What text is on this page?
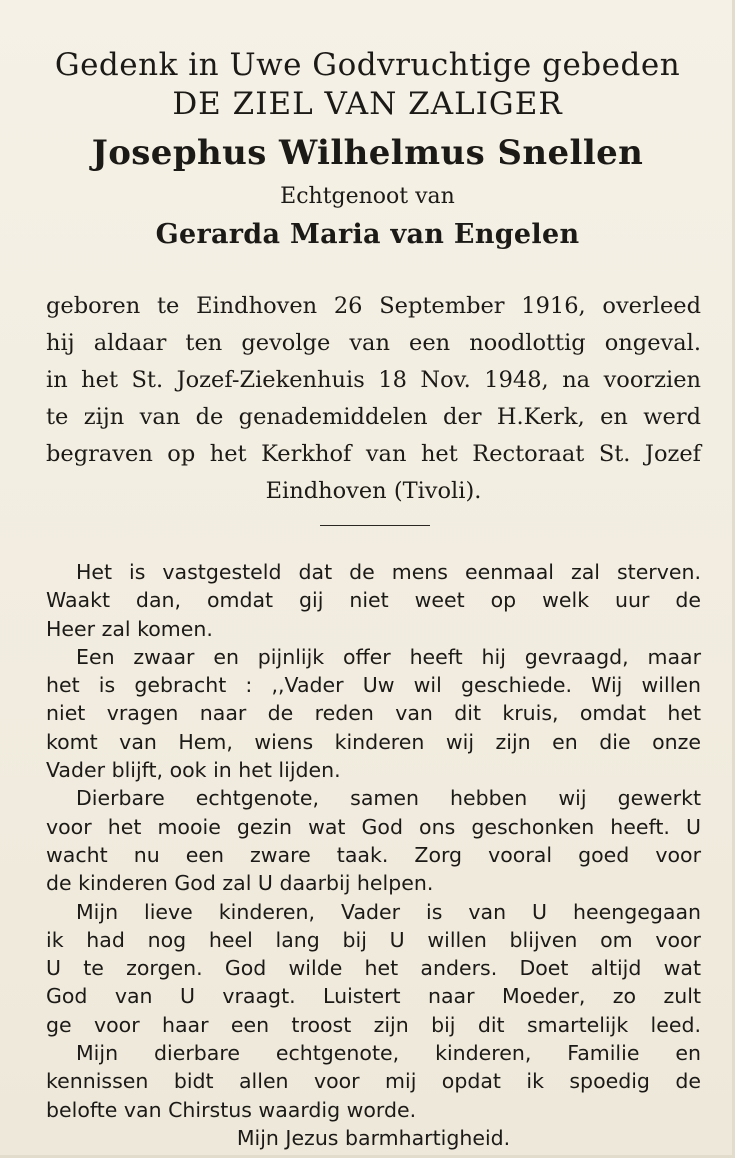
Gedenk in Uwe Godvruchtige gebeden
DE ZIEL VAN ZALIGER
Josephus Wilhelmus Snellen
Echtgenoot van
Gerarda Maria van Engelen
geboren te Eindhoven 26 September 1916, overleed
hij aldaar ten gevolge van een noodlottig ongeval.
in het St. Jozef-Ziekenhuis 18 Nov. 1948, na voorzien
te zijn van de genademiddelen der H.Kerk, en werd
begraven op het Kerkhof van het Rectoraat St. Jozef
Eindhoven (Tivoli).
Het is vastgesteld dat de mens eenmaal zal sterven.
Waakt dan, omdat gij niet weet op welk uur de
Heer zal komen.
Een zwaar en pijnlijk offer heeft hij gevraagd, maar
het is gebracht : ,,Vader Uw wil geschiede. Wij willen
niet vragen naar de reden van dit kruis, omdat het
komt van Hem, wiens kinderen wij zijn en die onze
Vader blijft, ook in het lijden.
Dierbare echtgenote, samen hebben wij gewerkt
voor het mooie gezin wat God ons geschonken heeft. U
wacht nu een zware taak. Zorg vooral goed voor
de kinderen God zal U daarbij helpen.
Mijn lieve kinderen, Vader is van U heengegaan
ik had nog heel lang bij U willen blijven om voor
U te zorgen. God wilde het anders. Doet altijd wat
God van U vraagt. Luistert naar Moeder, zo zult
ge voor haar een troost zijn bij dit smartelijk leed.
Mijn dierbare echtgenote, kinderen, Familie en
kennissen bidt allen voor mij opdat ik spoedig de
belofte van Chirstus waardig worde.
Mijn Jezus barmhartigheid.
